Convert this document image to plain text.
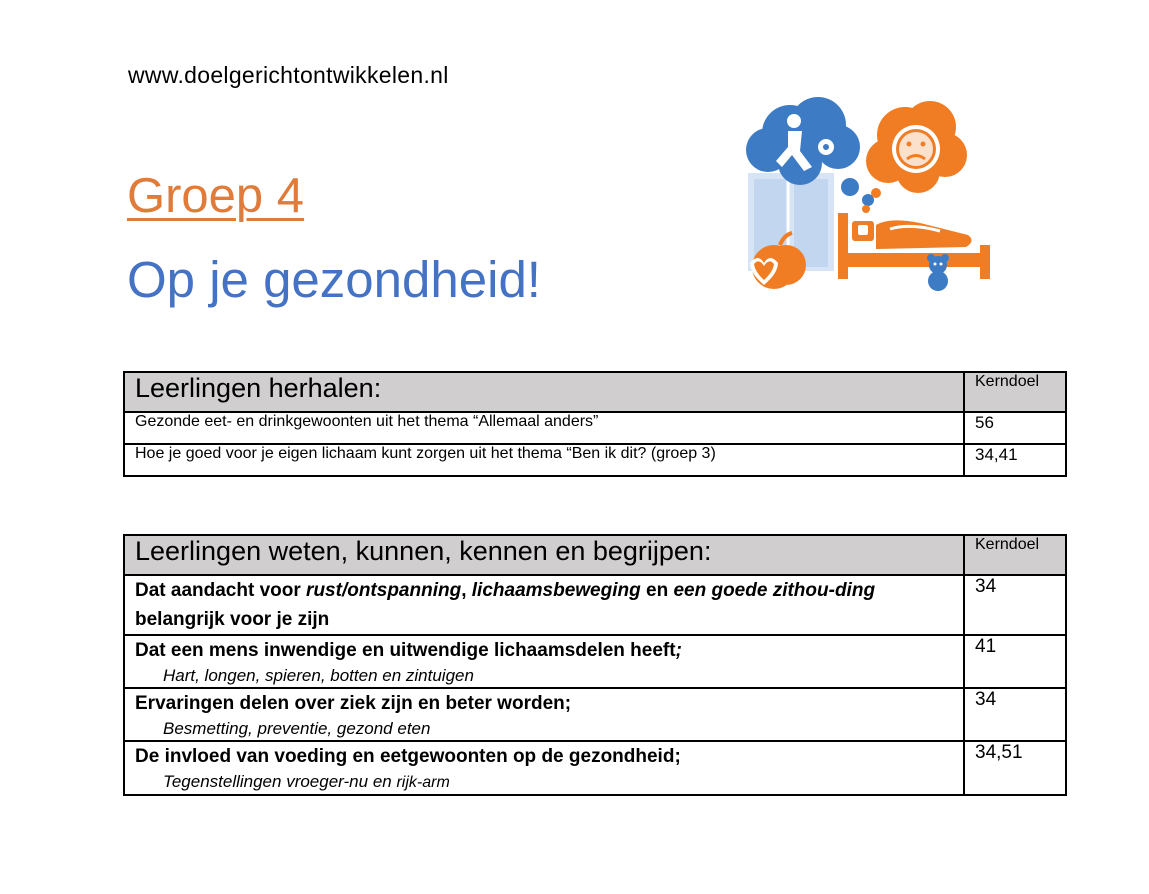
www.doelgerichtontwikkelen.nl
Groep 4
Op je gezondheid!
Leerlingen herhalen:	Kerndoel
Gezonde eet- en drinkgewoonten uit het thema “Allemaal anders”	56
Hoe je goed voor je eigen lichaam kunt zorgen uit het thema “Ben ik dit? (groep 3)	34,41
Leerlingen weten, kunnen, kennen en begrijpen:	Kerndoel
Dat aandacht voor rust/ontspanning, lichaamsbeweging en een goede zithou-ding belangrijk voor je zijn	34
Dat een mens inwendige en uitwendige lichaamsdelen heeft;
Hart, longen, spieren, botten en zintuigen	41
Ervaringen delen over ziek zijn en beter worden;
Besmetting, preventie, gezond eten	34
De invloed van voeding en eetgewoonten op de gezondheid;
Tegenstellingen vroeger-nu en rijk-arm	34,51
